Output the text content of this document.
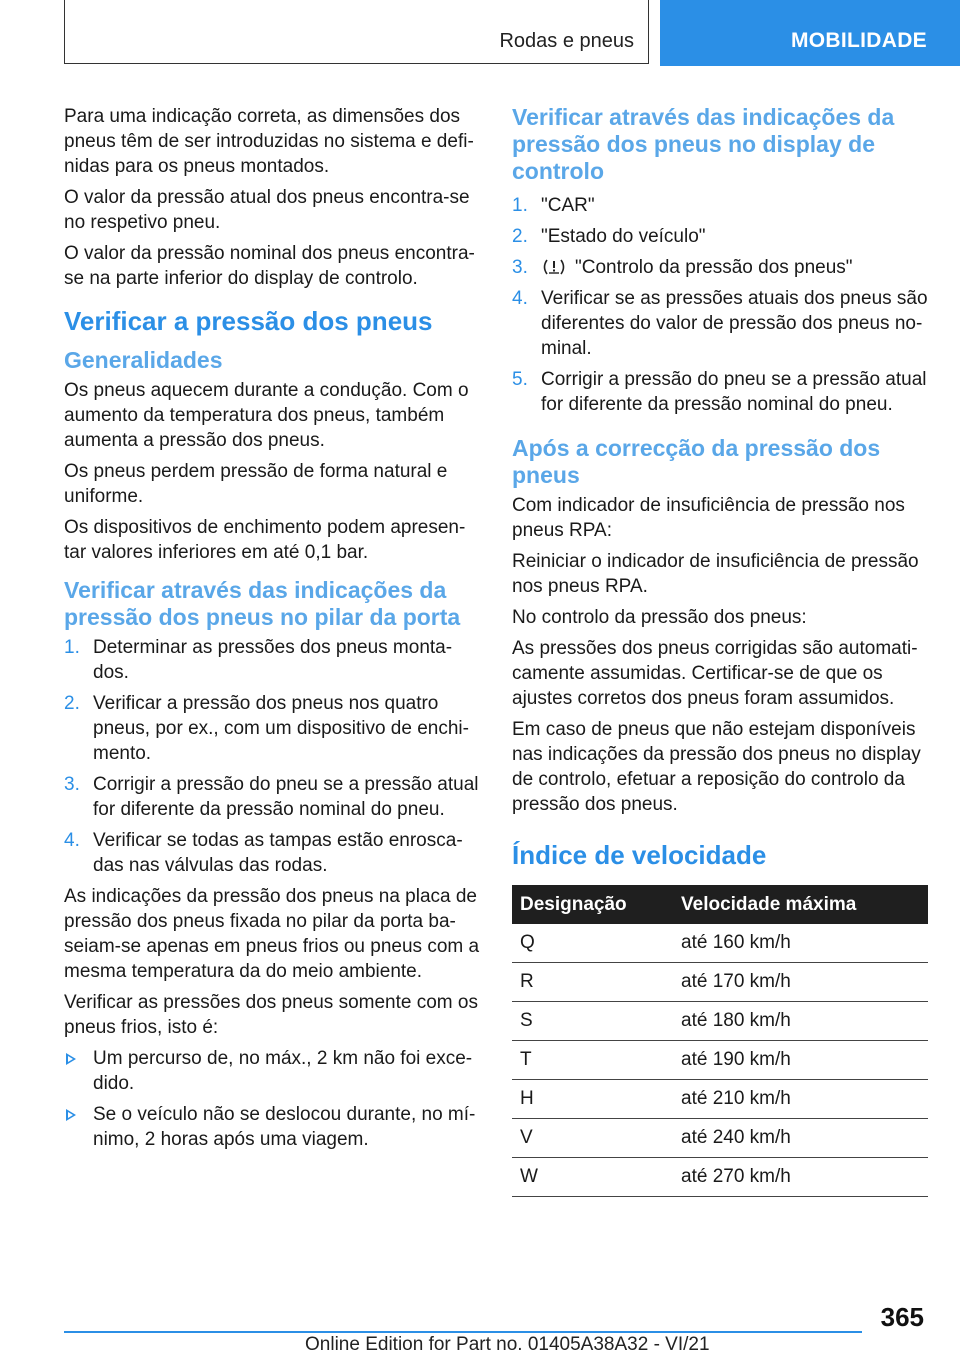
Rodas e pneus	MOBILIDADE

Para uma indicação correta, as dimensões dos pneus têm de ser introduzidas no sistema e definidas para os pneus montados.

O valor da pressão atual dos pneus encontra-se no respetivo pneu.

O valor da pressão nominal dos pneus encontra-se na parte inferior do display de controlo.

Verificar a pressão dos pneus
Generalidades

Os pneus aquecem durante a condução. Com o aumento da temperatura dos pneus, também aumenta a pressão dos pneus.

Os pneus perdem pressão de forma natural e uniforme.

Os dispositivos de enchimento podem apresentar valores inferiores em até 0,1 bar.

Verificar através das indicações da pressão dos pneus no pilar da porta
1. Determinar as pressões dos pneus montados.
2. Verificar a pressão dos pneus nos quatro pneus, por ex., com um dispositivo de enchimento.
3. Corrigir a pressão do pneu se a pressão atual for diferente da pressão nominal do pneu.
4. Verificar se todas as tampas estão enroscadas nas válvulas das rodas.

As indicações da pressão dos pneus na placa de pressão dos pneus fixada no pilar da porta baseiam-se apenas em pneus frios ou pneus com a mesma temperatura da do meio ambiente.

Verificar as pressões dos pneus somente com os pneus frios, isto é:

Um percurso de, no máx., 2 km não foi excedido.
Se o veículo não se deslocou durante, no mínimo, 2 horas após uma viagem.
Verificar através das indicações da pressão dos pneus no display de controlo
1. "CAR"
2. "Estado do veículo"
3. "Controlo da pressão dos pneus"
4. Verificar se as pressões atuais dos pneus são diferentes do valor de pressão dos pneus nominal.
5. Corrigir a pressão do pneu se a pressão atual for diferente da pressão nominal do pneu.
Após a correcção da pressão dos pneus

Com indicador de insuficiência de pressão nos pneus RPA:

Reiniciar o indicador de insuficiência de pressão nos pneus RPA.

No controlo da pressão dos pneus:

As pressões dos pneus corrigidas são automaticamente assumidas. Certificar-se de que os ajustes corretos dos pneus foram assumidos.

Em caso de pneus que não estejam disponíveis nas indicações da pressão dos pneus no display de controlo, efetuar a reposição do controlo da pressão dos pneus.

Índice de velocidade
Designação	Velocidade máxima
Q	até 160 km/h
R	até 170 km/h
S	até 180 km/h
T	até 190 km/h
H	até 210 km/h
V	até 240 km/h
W	até 270 km/h
365
Online Edition for Part no. 01405A38A32 - VI/21
